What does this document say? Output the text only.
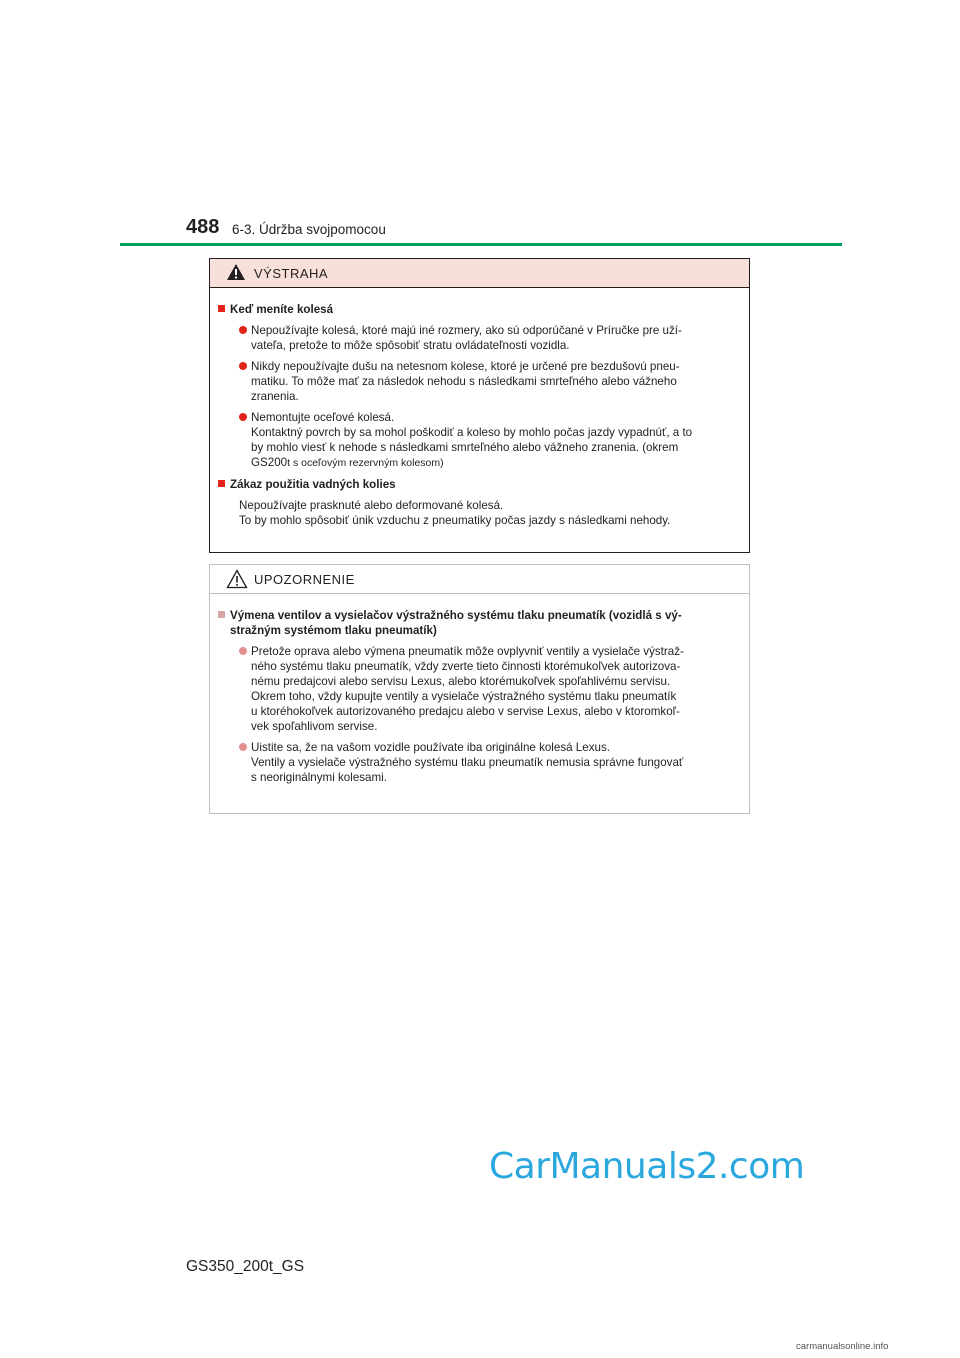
488 6-3. Údržba svojpomocou
VÝSTRAHA
Keď meníte kolesá
Nepoužívajte kolesá, ktoré majú iné rozmery, ako sú odporúčané v Príručke pre uží-
vateľa, pretože to môže spôsobiť stratu ovládateľnosti vozidla.
Nikdy nepoužívajte dušu na netesnom kolese, ktoré je určené pre bezdušovú pneu-
matiku. To môže mať za následok nehodu s následkami smrteľného alebo vážneho
zranenia.
Nemontujte oceľové kolesá.
Kontaktný povrch by sa mohol poškodiť a koleso by mohlo počas jazdy vypadnúť, a to
by mohlo viesť k nehode s následkami smrteľného alebo vážneho zranenia. (okrem
GS200t s oceľovým rezervným kolesom)
Zákaz použitia vadných kolies
Nepoužívajte prasknuté alebo deformované kolesá.
To by mohlo spôsobiť únik vzduchu z pneumatiky počas jazdy s následkami nehody.
UPOZORNENIE
Výmena ventilov a vysielačov výstražného systému tlaku pneumatík (vozidlá s vý-
stražným systémom tlaku pneumatík)
Pretože oprava alebo výmena pneumatík môže ovplyvniť ventily a vysielače výstraž-
ného systému tlaku pneumatík, vždy zverte tieto činnosti ktorémukoľvek autorizova-
nému predajcovi alebo servisu Lexus, alebo ktorémukoľvek spoľahlivému servisu.
Okrem toho, vždy kupujte ventily a vysielače výstražného systému tlaku pneumatík
u ktoréhokoľvek autorizovaného predajcu alebo v servise Lexus, alebo v ktoromkoľ-
vek spoľahlivom servise.
Uistite sa, že na vašom vozidle používate iba originálne kolesá Lexus.
Ventily a vysielače výstražného systému tlaku pneumatík nemusia správne fungovať
s neoriginálnymi kolesami.
CarManuals2.com
GS350_200t_GS
carmanualsonline.info
